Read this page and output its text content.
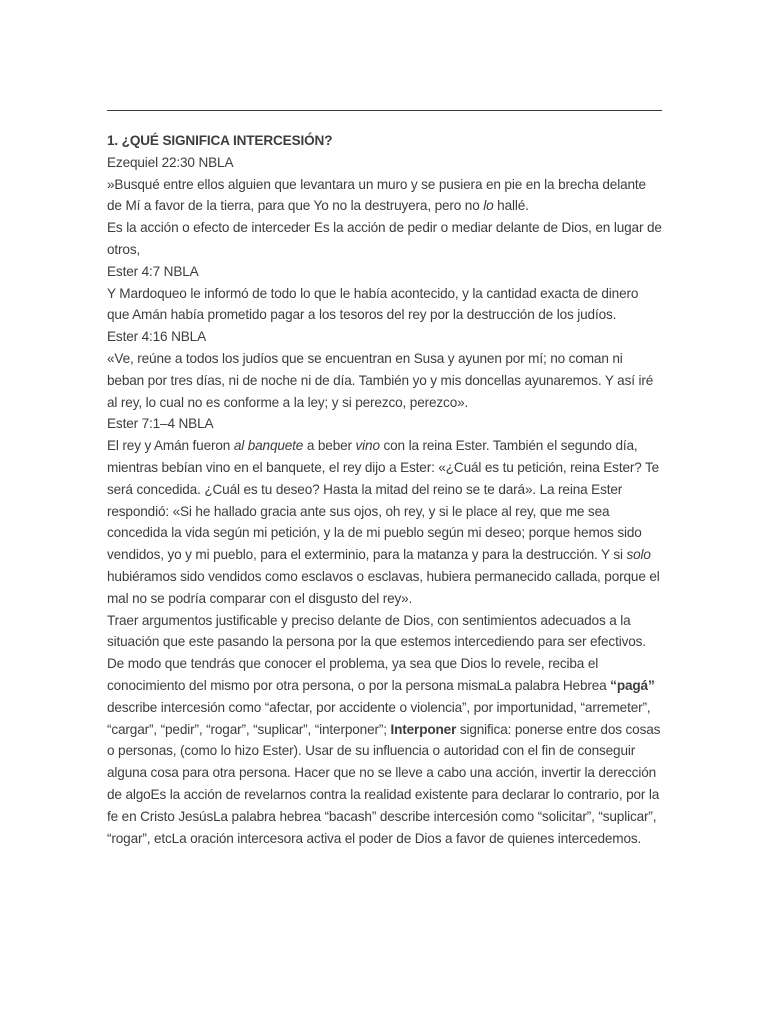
1. ¿QUÉ SIGNIFICA INTERCESIÓN?

Ezequiel 22:30 NBLA

»Busqué entre ellos alguien que levantara un muro y se pusiera en pie en la brecha delante de Mí a favor de la tierra, para que Yo no la destruyera, pero no lo hallé.

Es la acción o efecto de interceder Es la acción de pedir o mediar delante de Dios, en lugar de otros,

Ester 4:7 NBLA

Y Mardoqueo le informó de todo lo que le había acontecido, y la cantidad exacta de dinero que Amán había prometido pagar a los tesoros del rey por la destrucción de los judíos.

Ester 4:16 NBLA

«Ve, reúne a todos los judíos que se encuentran en Susa y ayunen por mí; no coman ni beban por tres días, ni de noche ni de día. También yo y mis doncellas ayunaremos. Y así iré al rey, lo cual no es conforme a la ley; y si perezco, perezco».

Ester 7:1–4 NBLA

El rey y Amán fueron al banquete a beber vino con la reina Ester. También el segundo día, mientras bebían vino en el banquete, el rey dijo a Ester: «¿Cuál es tu petición, reina Ester? Te será concedida. ¿Cuál es tu deseo? Hasta la mitad del reino se te dará». La reina Ester respondió: «Si he hallado gracia ante sus ojos, oh rey, y si le place al rey, que me sea concedida la vida según mi petición, y la de mi pueblo según mi deseo; porque hemos sido vendidos, yo y mi pueblo, para el exterminio, para la matanza y para la destrucción. Y si solo hubiéramos sido vendidos como esclavos o esclavas, hubiera permanecido callada, porque el mal no se podría comparar con el disgusto del rey».

Traer argumentos justificable y preciso delante de Dios, con sentimientos adecuados a la situación que este pasando la persona por la que estemos intercediendo para ser efectivos. De modo que tendrás que conocer el problema, ya sea que Dios lo revele, reciba el conocimiento del mismo por otra persona, o por la persona mismaLa palabra Hebrea “pagá” describe intercesión como “afectar, por accidente o violencia”, por importunidad, “arremeter”, “cargar”, “pedir”, “rogar”, “suplicar”, “interponer”; Interponer significa: ponerse entre dos cosas o personas, (como lo hizo Ester). Usar de su influencia o autoridad con el fin de conseguir alguna cosa para otra persona. Hacer que no se lleve a cabo una acción, invertir la derección de algoEs la acción de revelarnos contra la realidad existente para declarar lo contrario, por la fe en Cristo JesúsLa palabra hebrea “bacash” describe intercesión como “solicitar”, “suplicar”, “rogar”, etcLa oración intercesora activa el poder de Dios a favor de quienes intercedemos.
